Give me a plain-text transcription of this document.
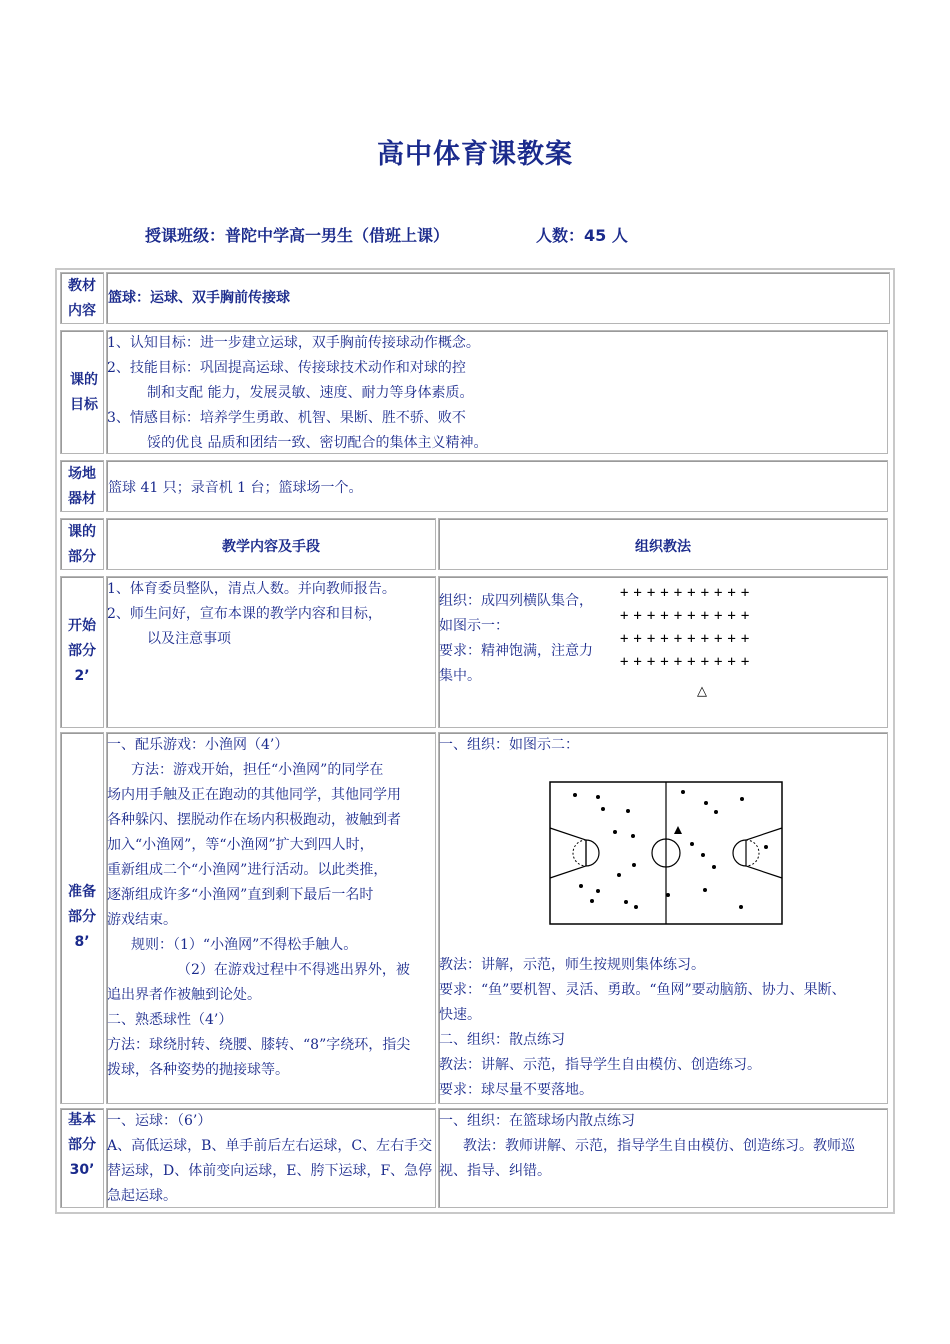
高中体育课教案
授课班级：普陀中学高一男生（借班上课）	人数：45 人
教材
内容
篮球：运球、双手胸前传接球
课的
目标
1、认知目标：进一步建立运球，双手胸前传接球动作概念。
2、技能目标：巩固提高运球、传接球技术动作和对球的控
制和支配 能力，发展灵敏、速度、耐力等身体素质。
3、情感目标：培养学生勇敢、机智、果断、胜不骄、败不
馁的优良 品质和团结一致、密切配合的集体主义精神。
场地
器材
篮球 41 只；录音机 1 台；篮球场一个。
课的
部分
教学内容及手段	组织教法
开始
部分
2’
1、体育委员整队，清点人数。并向教师报告。
2、师生问好，宣布本课的教学内容和目标，
以及注意事项
组织：成四列横队集合，
如图示一：
要求：精神饱满，注意力
集中。
++++++++++
++++++++++
++++++++++
++++++++++
△
准备
部分
8’
一、配乐游戏：小渔网（4’）
方法：游戏开始，担任“小渔网”的同学在
场内用手触及正在跑动的其他同学，其他同学用
各种躲闪、摆脱动作在场内积极跑动，被触到者
加入“小渔网”，等“小渔网”扩大到四人时，
重新组成二个“小渔网”进行活动。以此类推，
逐渐组成许多“小渔网”直到剩下最后一名时
游戏结束。
规则：（1）“小渔网”不得松手触人。
（2）在游戏过程中不得逃出界外，被
追出界者作被触到论处。
二、熟悉球性（4’）
方法：球绕肘转、绕腰、膝转、“8”字绕环，指尖
拨球，各种姿势的抛接球等。
一、组织：如图示二：
教法：讲解，示范，师生按规则集体练习。
要求：“鱼”要机智、灵活、勇敢。“鱼网”要动脑筋、协力、果断、
快速。
二、组织：散点练习
教法：讲解、示范，指导学生自由模仿、创造练习。
要求：球尽量不要落地。
基本
部分
30’
一、运球：（6’）
A、高低运球，B、单手前后左右运球，C、左右手交
替运球，D、体前变向运球，E、胯下运球，F、急停
急起运球。
一、组织：在篮球场内散点练习
教法：教师讲解、示范，指导学生自由模仿、创造练习。教师巡
视、指导、纠错。
